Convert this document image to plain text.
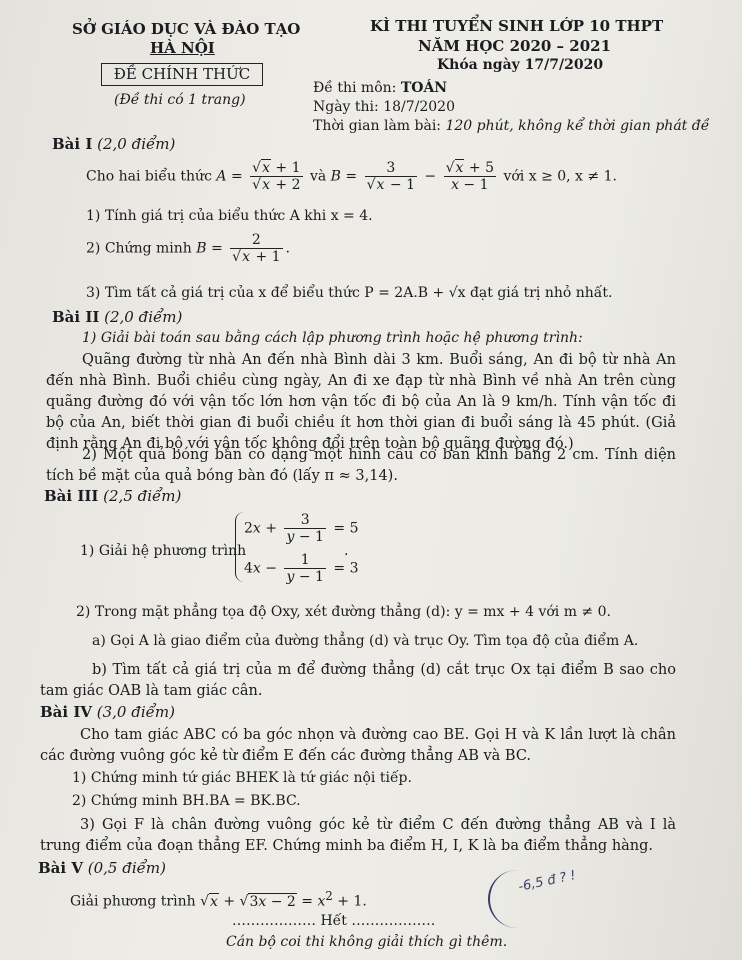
SỞ GIÁO DỤC VÀ ĐÀO TẠO
HÀ NỘI
ĐỀ CHÍNH THỨC
(Đề thi có 1 trang)
KÌ THI TUYỂN SINH LỚP 10 THPT
NĂM HỌC 2020 – 2021
Khóa ngày 17/7/2020
Đề thi môn: TOÁN
Ngày thi: 18/7/2020
Thời gian làm bài: 120 phút, không kể thời gian phát đề
Bài I (2,0 điểm)
Cho hai biểu thức $A = \frac{√x + 1}{√x + 2}$ và $B = \frac{3}{√x - 1} - \frac{√x + 5}{x - 1}$ với x ≥ 0, x ≠ 1.
1) Tính giá trị của biểu thức A khi x = 4.
2) Chứng minh $B = \frac{2}{√x + 1}$ .
3) Tìm tất cả giá trị của x để biểu thức P = 2A.B + √x đạt giá trị nhỏ nhất.
Bài II (2,0 điểm)
1) Giải bài toán sau bằng cách lập phương trình hoặc hệ phương trình:
Quãng đường từ nhà An đến nhà Bình dài 3 km. Buổi sáng, An đi bộ từ nhà An đến nhà Bình. Buổi chiều cùng ngày, An đi xe đạp từ nhà Bình về nhà An trên cùng quãng đường đó với vận tốc lớn hơn vận tốc đi bộ của An là 9 km/h. Tính vận tốc đi bộ của An, biết thời gian đi buổi chiều ít hơn thời gian đi buổi sáng là 45 phút. (Giả định rằng An đi bộ với vận tốc không đổi trên toàn bộ quãng đường đó.)
2) Một quả bóng bàn có dạng một hình cầu có bán kính bằng 2 cm. Tính diện tích bề mặt của quả bóng bàn đó (lấy π ≈ 3,14).
Bài III (2,5 điểm)
1) Giải hệ phương trình
$2x + \frac{3}{y - 1} = 5$
$4x - \frac{1}{y - 1} = 3$
.
2) Trong mặt phẳng tọa độ Oxy, xét đường thẳng (d): y = mx + 4 với m ≠ 0.
a) Gọi A là giao điểm của đường thẳng (d) và trục Oy. Tìm tọa độ của điểm A.
b) Tìm tất cả giá trị của m để đường thẳng (d) cắt trục Ox tại điểm B sao cho tam giác OAB là tam giác cân.
Bài IV (3,0 điểm)
Cho tam giác ABC có ba góc nhọn và đường cao BE. Gọi H và K lần lượt là chân các đường vuông góc kẻ từ điểm E đến các đường thẳng AB và BC.
1) Chứng minh tứ giác BHEK là tứ giác nội tiếp.
2) Chứng minh BH.BA = BK.BC.
3) Gọi F là chân đường vuông góc kẻ từ điểm C đến đường thẳng AB và I là trung điểm của đoạn thẳng EF. Chứng minh ba điểm H, I, K là ba điểm thẳng hàng.
Bài V (0,5 điểm)
Giải phương trình $√x + √3x - 2 = x^2 + 1$.
……………… Hết ………………
Cán bộ coi thi không giải thích gì thêm.
-6,5 đ ? !
